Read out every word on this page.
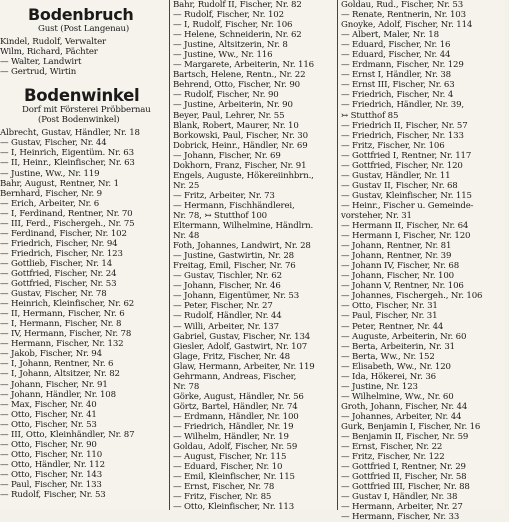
Bodenbruch
Gust (Post Langenau)
Kindel, Rudolf, Verwalter
Wilm, Richard, Pächter
— Walter, Landwirt
— Gertrud, Wirtin
Bodenwinkel
Dorf mit Försterei Pröbbernau
(Post Bodenwinkel)
Albrecht, Gustav, Händler, Nr. 18
— Gustav, Fischer, Nr. 44
— I, Heinrich, Eigentüm. Nr. 63
— II, Heinr., Kleinfischer, Nr. 63
— Justine, Ww., Nr. 119
Bahr, August, Rentner, Nr. 1
Bernhard, Fischer, Nr. 9
— Erich, Arbeiter, Nr. 6
— I, Ferdinand, Rentner, Nr. 70
— III, Ferd., Fischergeh., Nr. 75
— Ferdinand, Fischer, Nr. 102
— Friedrich, Fischer, Nr. 94
— Friedrich, Fischer, Nr. 123
— Gottlieb, Fischer, Nr. 14
— Gottfried, Fischer, Nr. 24
— Gottfried, Fischer, Nr. 53
— Gustav, Fischer, Nr. 78
— Heinrich, Kleinfischer, Nr. 62
— II, Hermann, Fischer, Nr. 6
— I, Hermann, Fischer, Nr. 8
— IV, Hermann, Fischer, Nr. 78
— Hermann, Fischer, Nr. 132
— Jakob, Fischer, Nr. 94
— I, Johann, Rentner, Nr. 6
— I, Johann, Altsitzer, Nr. 82
— Johann, Fischer, Nr. 91
— Johann, Händler, Nr. 108
— Max, Fischer, Nr. 40
— Otto, Fischer, Nr. 41
— Otto, Fischer, Nr. 53
— III, Otto, Kleinhändler, Nr. 87
— Otto, Fischer, Nr. 90
— Otto, Fischer, Nr. 110
— Otto, Händler, Nr. 112
— Otto, Fischer, Nr. 143
— Paul, Fischer, Nr. 133
— Rudolf, Fischer, Nr. 53
Bahr, Rudolf II, Fischer, Nr. 82
— Rudolf, Fischer, Nr. 102
— I, Rudolf, Fischer, Nr. 106
— Helene, Schneiderin, Nr. 62
— Justine, Altsitzerin, Nr. 8
— Justine, Ww., Nr. 116
— Margarete, Arbeiterin, Nr. 116
Bartsch, Helene, Rentn., Nr. 22
Behrend, Otto, Fischer, Nr. 90
— Rudolf, Fischer, Nr. 90
— Justine, Arbeiterin, Nr. 90
Beyer, Paul, Lehrer, Nr. 55
Blank, Robert, Maurer, Nr. 10
Borkowski, Paul, Fischer, Nr. 30
Dobrick, Heinr., Händler, Nr. 69
— Johann, Fischer, Nr. 69
Dokhorn, Franz, Fischer, Nr. 91
Engels, Auguste, Hökereiinhbrn.,
Nr. 25
— Fritz, Arbeiter, Nr. 73
— Hermann, Fischhändlerei,
Nr. 78, ↣ Stutthof 100
Eltermann, Wilhelmine, Händlrn.
Nr. 48
Foth, Johannes, Landwirt, Nr. 28
— Justine, Gastwirtin, Nr. 28
Freitag, Emil, Fischer, Nr. 76
— Gustav, Tischler, Nr. 62
— Johann, Fischer, Nr. 46
— Johann, Eigentümer, Nr. 53
— Peter, Fischer, Nr. 27
— Rudolf, Händler, Nr. 44
— Willi, Arbeiter, Nr. 137
Gabriel, Gustav, Fischer, Nr. 134
Giesler, Adolf, Gastwirt, Nr. 107
Glage, Fritz, Fischer, Nr. 48
Glaw, Hermann, Arbeiter, Nr. 119
Gehrmann, Andreas, Fischer,
Nr. 78
Görke, August, Händler, Nr. 56
Görtz, Bartel, Händler, Nr. 74
— Erdmann, Händler, Nr. 100
— Friedrich, Händler, Nr. 19
— Wilhelm, Händler, Nr. 19
Goldau, Adolf, Fischer, Nr. 59
— August, Fischer, Nr. 115
— Eduard, Fischer, Nr. 10
— Emil, Kleinfischer, Nr. 115
— Ernst, Fischer, Nr. 78
— Fritz, Fischer, Nr. 85
— Otto, Kleinfischer, Nr. 113
Goldau, Rud., Fischer, Nr. 53
— Renate, Rentnerin, Nr. 103
Gnoyke, Adolf, Fischer, Nr. 114
— Albert, Maler, Nr. 18
— Eduard, Fischer, Nr. 16
— Eduard, Fischer, Nr. 44
— Erdmann, Fischer, Nr. 129
— Ernst I, Händler, Nr. 38
— Ernst III, Fischer, Nr. 63
— Friedrich, Fischer, Nr. 4
— Friedrich, Händler, Nr. 39,
↣ Stutthof 85
— Friedrich II, Fischer, Nr. 57
— Friedrich, Fischer, Nr. 133
— Fritz, Fischer, Nr. 106
— Gottfried I, Rentner, Nr. 117
— Gottfried, Fischer, Nr. 120
— Gustav, Händler, Nr. 11
— Gustav II, Fischer, Nr. 68
— Gustav, Kleinfischer, Nr. 115
— Heinr., Fischer u. Gemeinde-
vorsteher, Nr. 31
— Hermann II, Fischer, Nr. 64
— Hermann I, Fischer, Nr. 120
— Johann, Rentner, Nr. 81
— Johann, Rentner, Nr. 39
— Johann IV, Fischer, Nr. 68
— Johann, Fischer, Nr. 100
— Johann V, Rentner, Nr. 106
— Johannes, Fischergeh., Nr. 106
— Otto, Fischer, Nr. 31
— Paul, Fischer, Nr. 31
— Peter, Rentner, Nr. 44
— Auguste, Arbeiterin, Nr. 60
— Berta, Arbeiterin, Nr. 31
— Berta, Ww., Nr. 152
— Elisabeth, Ww., Nr. 120
— Ida, Hökerei, Nr. 36
— Justine, Nr. 123
— Wilhelmine, Ww., Nr. 60
Groth, Johann, Fischer, Nr. 44
— Johannes, Arbeiter, Nr. 44
Gurk, Benjamin I, Fischer, Nr. 16
— Benjamin II, Fischer, Nr. 59
— Ernst, Fischer, Nr. 22
— Fritz, Fischer, Nr. 122
— Gottfried I, Rentner, Nr. 29
— Gottfried II, Fischer, Nr. 58
— Gottfried III, Fischer, Nr. 88
— Gustav I, Händler, Nr. 38
— Hermann, Arbeiter, Nr. 27
— Hermann, Fischer, Nr. 33
